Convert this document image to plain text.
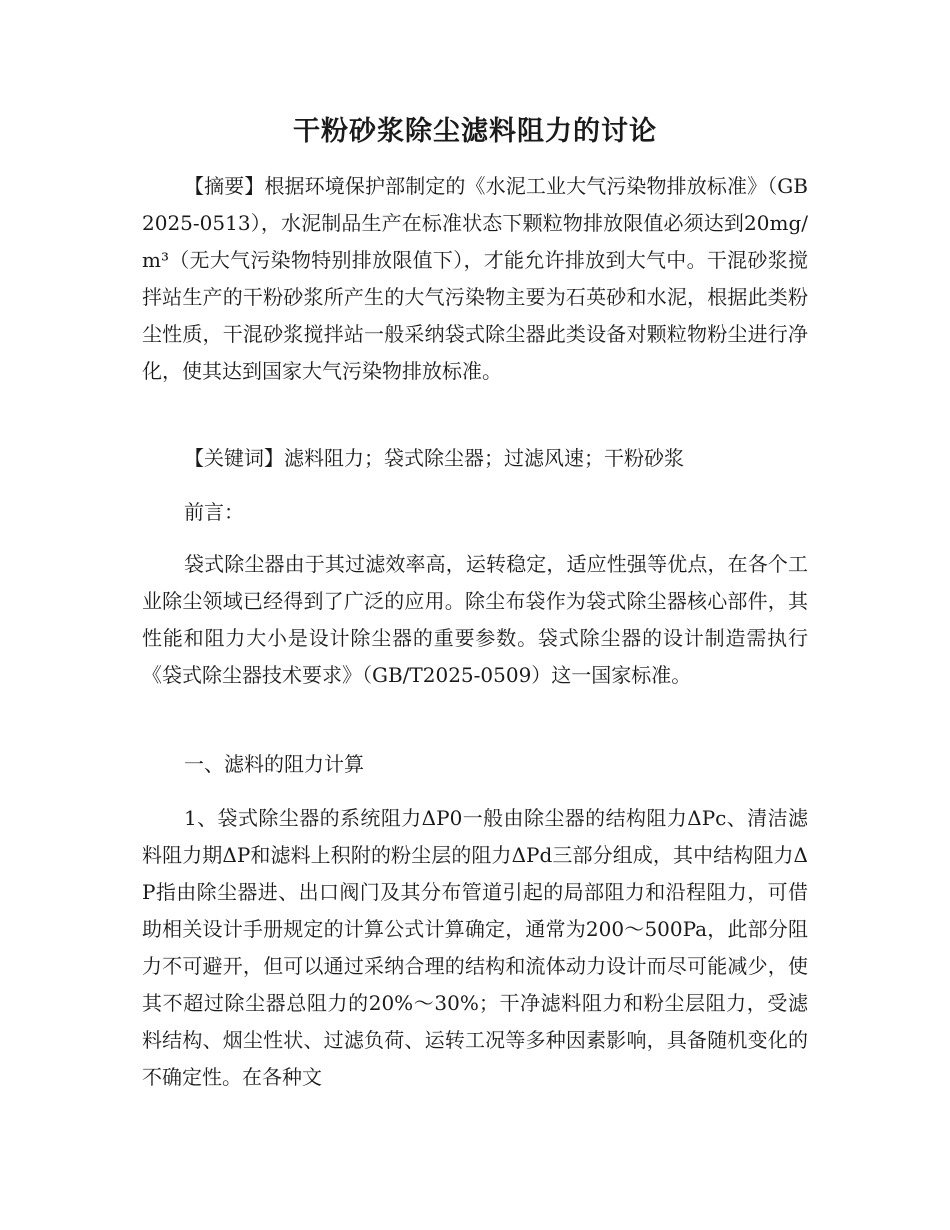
干粉砂浆除尘滤料阻力的讨论
【摘要】根据环境保护部制定的《水泥工业大气污染物排放标准》（GB2025-0513），水泥制品生产在标准状态下颗粒物排放限值必须达到20mg/m³（无大气污染物特别排放限值下），才能允许排放到大气中。干混砂浆搅拌站生产的干粉砂浆所产生的大气污染物主要为石英砂和水泥，根据此类粉尘性质，干混砂浆搅拌站一般采纳袋式除尘器此类设备对颗粒物粉尘进行净化，使其达到国家大气污染物排放标准。
【关键词】滤料阻力；袋式除尘器；过滤风速；干粉砂浆
前言：
袋式除尘器由于其过滤效率高，运转稳定，适应性强等优点，在各个工业除尘领域已经得到了广泛的应用。除尘布袋作为袋式除尘器核心部件，其性能和阻力大小是设计除尘器的重要参数。袋式除尘器的设计制造需执行《袋式除尘器技术要求》（GB/T2025-0509）这一国家标准。
一、滤料的阻力计算
1、袋式除尘器的系统阻力ΔP0一般由除尘器的结构阻力ΔPc、清洁滤料阻力期ΔP和滤料上积附的粉尘层的阻力ΔPd三部分组成，其中结构阻力ΔP指由除尘器进、出口阀门及其分布管道引起的局部阻力和沿程阻力，可借助相关设计手册规定的计算公式计算确定，通常为200～500Pa，此部分阻力不可避开，但可以通过采纳合理的结构和流体动力设计而尽可能减少，使其不超过除尘器总阻力的20%～30%；干净滤料阻力和粉尘层阻力，受滤料结构、烟尘性状、过滤负荷、运转工况等多种因素影响，具备随机变化的不确定性。在各种文
